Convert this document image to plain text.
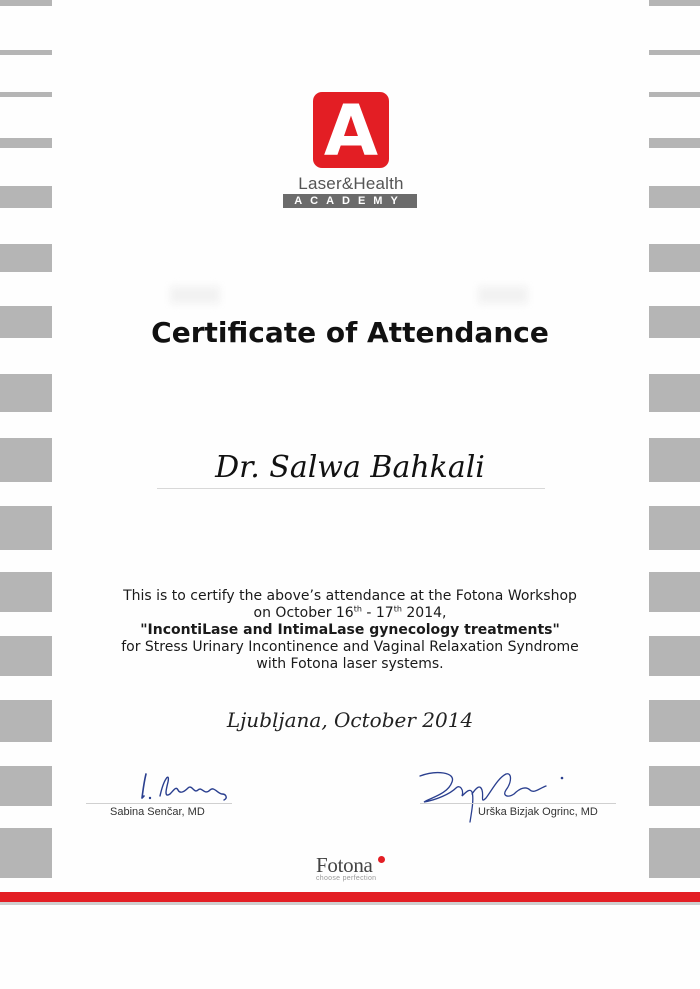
A
Laser&Health
ACADEMY
Certificate of Attendance
Dr. Salwa Bahkali
This is to certify the above’s attendance at the Fotona Workshop
on October 16th - 17th 2014,
"IncontiLase and IntimaLase gynecology treatments"
for Stress Urinary Incontinence and Vaginal Relaxation Syndrome
with Fotona laser systems.
Ljubljana, October 2014
Sabina Senčar, MD	Urška Bizjak Ogrinc, MD
Fotona
choose perfection
